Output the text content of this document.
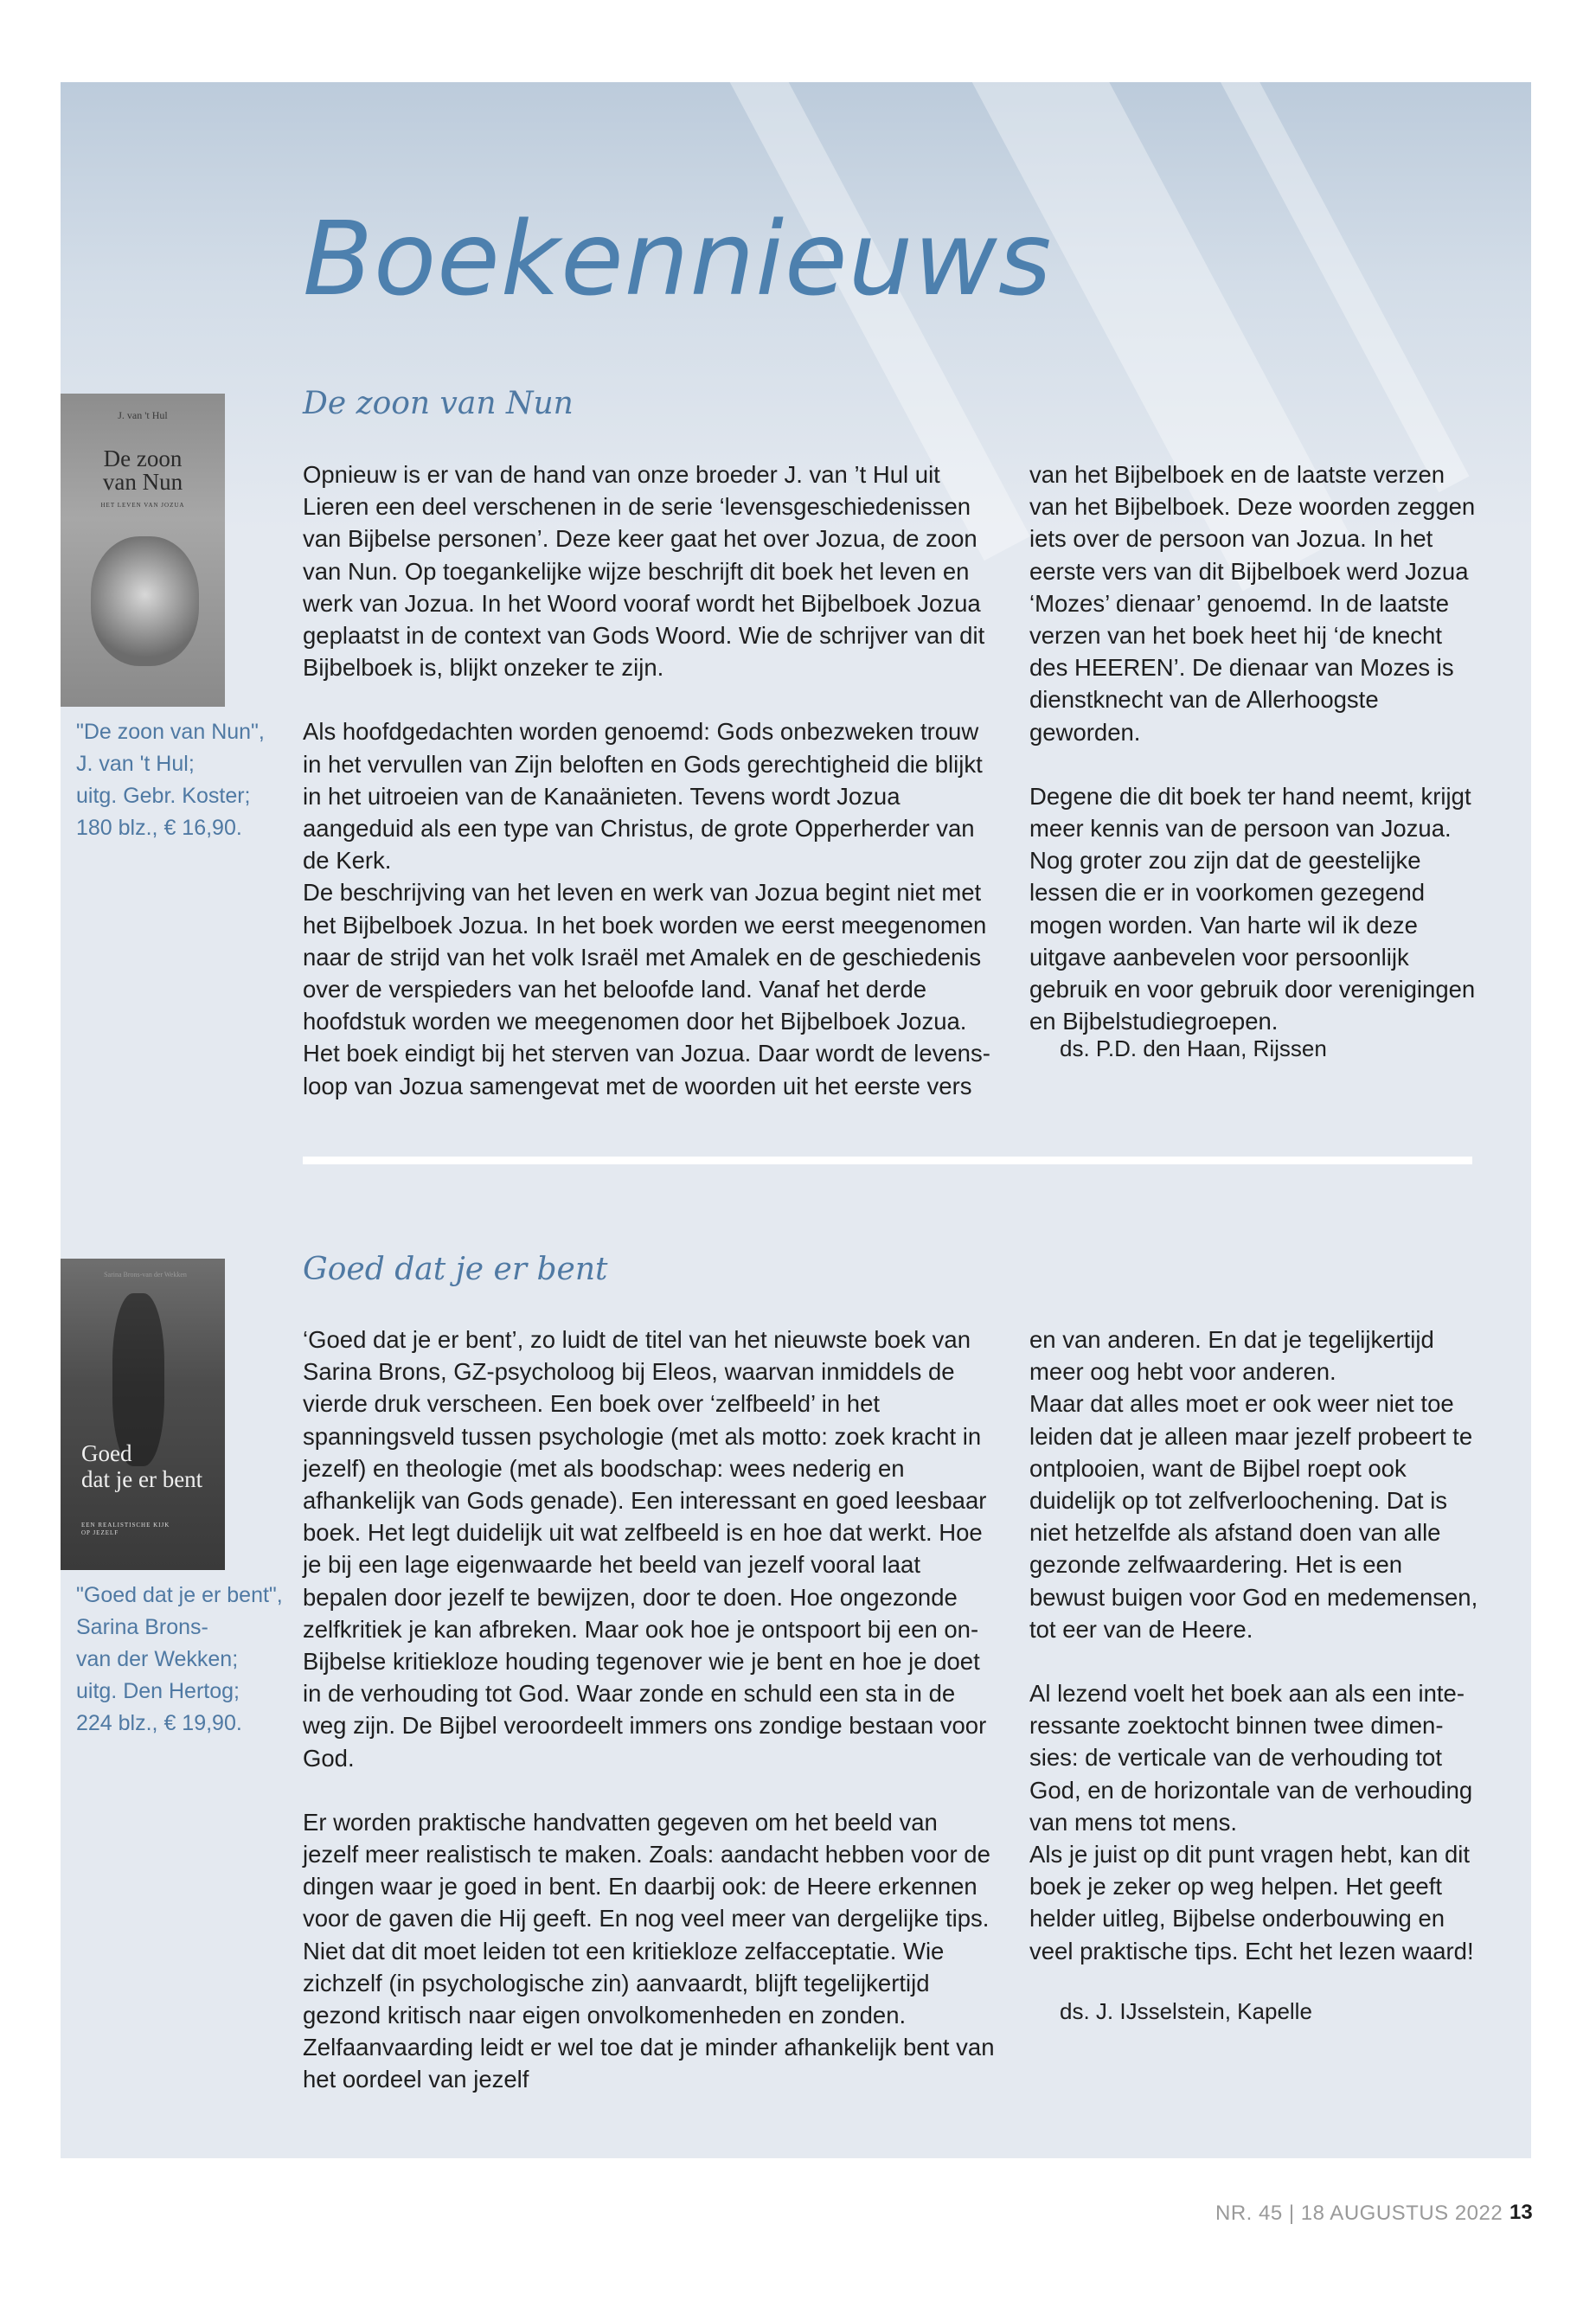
Boekennieuws
J. van 't Hul
De zoon
van Nun
HET LEVEN VAN JOZUA
"De zoon van Nun",
J. van 't Hul;
uitg. Gebr. Koster;
180 blz., € 16,90.
De zoon van Nun

Opnieuw is er van de hand van onze broeder J. van ’t Hul uit Lieren een deel verschenen in de serie ‘levensgeschiedenissen van Bijbelse personen’. Deze keer gaat het over Jozua, de zoon van Nun. Op toegankelijke wijze beschrijft dit boek het leven en werk van Jozua. In het Woord vooraf wordt het Bijbelboek Jozua geplaatst in de context van Gods Woord. Wie de schrijver van dit Bijbelboek is, blijkt onzeker te zijn.

Als hoofdgedachten worden genoemd: Gods onbezweken trouw in het vervullen van Zijn beloften en Gods gerechtigheid die blijkt in het uitroeien van de Kanaänieten. Tevens wordt Jozua aangeduid als een type van Christus, de grote Opperherder van de Kerk.

De beschrijving van het leven en werk van Jozua begint niet met het Bijbelboek Jozua. In het boek worden we eerst meegenomen naar de strijd van het volk Israël met Amalek en de geschiedenis over de verspieders van het beloofde land. Vanaf het derde hoofdstuk worden we meegenomen door het Bijbelboek Jozua. Het boek eindigt bij het sterven van Jozua. Daar wordt de levensloop van Jozua samengevat met de woorden uit het eerste vers

van het Bijbelboek en de laatste verzen van het Bijbelboek. Deze woorden zeggen iets over de persoon van Jozua. In het eerste vers van dit Bijbelboek werd Jozua ‘Mozes’ dienaar’ genoemd. In de laatste verzen van het boek heet hij ‘de knecht des HEEREN’. De dienaar van Mozes is dienstknecht van de Allerhoogste geworden.

Degene die dit boek ter hand neemt, krijgt meer kennis van de persoon van Jozua. Nog groter zou zijn dat de geestelijke lessen die er in voorkomen gezegend mogen worden. Van harte wil ik deze uitgave aanbevelen voor persoonlijk gebruik en voor gebruik door verenigingen en Bijbelstudiegroepen.

ds. P.D. den Haan, Rijssen
Sarina Brons-van der Wekken
Goed
dat je er bent
EEN REALISTISCHE KIJK
OP JEZELF
"Goed dat je er bent",
Sarina Brons-
van der Wekken;
uitg. Den Hertog;
224 blz., € 19,90.
Goed dat je er bent

‘Goed dat je er bent’, zo luidt de titel van het nieuwste boek van Sarina Brons, GZ-psycholoog bij Eleos, waarvan inmiddels de vierde druk verscheen. Een boek over ‘zelfbeeld’ in het spanningsveld tussen psychologie (met als motto: zoek kracht in jezelf) en theologie (met als boodschap: wees nederig en afhankelijk van Gods genade). Een interessant en goed leesbaar boek. Het legt duidelijk uit wat zelfbeeld is en hoe dat werkt. Hoe je bij een lage eigenwaarde het beeld van jezelf vooral laat bepalen door jezelf te bewijzen, door te doen. Hoe ongezonde zelfkritiek je kan afbreken. Maar ook hoe je ontspoort bij een on-Bijbelse kritiekloze houding tegenover wie je bent en hoe je doet in de verhouding tot God. Waar zonde en schuld een sta in de weg zijn. De Bijbel veroordeelt immers ons zondige bestaan voor God.

Er worden praktische handvatten gegeven om het beeld van jezelf meer realistisch te maken. Zoals: aandacht hebben voor de dingen waar je goed in bent. En daarbij ook: de Heere erkennen voor de gaven die Hij geeft. En nog veel meer van dergelijke tips. Niet dat dit moet leiden tot een kritiekloze zelfacceptatie. Wie zichzelf (in psychologische zin) aanvaardt, blijft tegelijkertijd gezond kritisch naar eigen onvolkomenheden en zonden. Zelfaanvaarding leidt er wel toe dat je minder afhankelijk bent van het oordeel van jezelf

en van anderen. En dat je tegelijkertijd meer oog hebt voor anderen.

Maar dat alles moet er ook weer niet toe leiden dat je alleen maar jezelf probeert te ontplooien, want de Bijbel roept ook duidelijk op tot zelfverloochening. Dat is niet hetzelfde als afstand doen van alle gezonde zelfwaardering. Het is een bewust buigen voor God en medemensen, tot eer van de Heere.

Al lezend voelt het boek aan als een interessante zoektocht binnen twee dimensies: de verticale van de verhouding tot God, en de horizontale van de verhouding van mens tot mens.

Als je juist op dit punt vragen hebt, kan dit boek je zeker op weg helpen. Het geeft helder uitleg, Bijbelse onderbouwing en veel praktische tips. Echt het lezen waard!

ds. J. IJsselstein, Kapelle
NR. 45 | 18 AUGUSTUS 2022 13
